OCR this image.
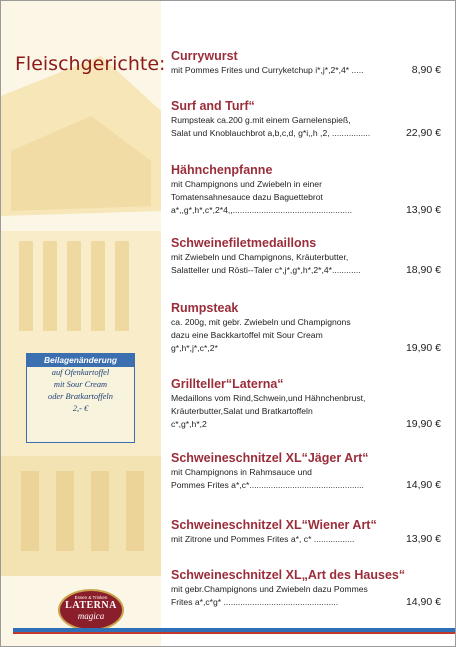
Fleischgerichte: Currywurst
mit Pommes Frites und Curryketchup i*,j*,2*,4* .....	8,90 €
Surf and Turf“
Rumpsteak ca.200 g.mit einem Garnelenspieß,
Salat und Knoblauchbrot a,b,c,d, g*i,,h ,2, ................	22,90 €
Hähnchenpfanne
mit Champignons und Zwiebeln in einer
Tomatensahnesauce dazu Baguettebrot
a*,,g*,h*,c*,2*4,,..................................................	13,90 €
Schweinefiletmedaillons
mit Zwiebeln und Champignons, Kräuterbutter,
Salatteller und Rösti--Taler c*,j*,g*,h*,2*,4*............	18,90 €
Rumpsteak
ca. 200g, mit gebr. Zwiebeln und Champignons
dazu eine Backkartoffel mit Sour Cream
g*,h*,j*,c*,2*	19,90 €
Grillteller“Laterna“
Medaillons vom Rind,Schwein,und Hähnchenbrust,
Kräuterbutter,Salat und Bratkartoffeln
c*,g*,h*,2	19,90 €
Schweineschnitzel XL“Jäger Art“
mit Champignons in Rahmsauce und
Pommes Frites a*,c*................................................	14,90 €
Schweineschnitzel XL“Wiener Art“
mit Zitrone und Pommes Frites a*, c* .................	13,90 €
Schweineschnitzel XL„Art des Hauses“
mit gebr.Champignons und Zwiebeln dazu Pommes
Frites a*,c*g* ................................................	14,90 €
Beilagenänderung
auf Ofenkartoffel
mit Sour Cream
oder Bratkartoffeln
2,- €
Essen & Trinken
LATERNA
magica
